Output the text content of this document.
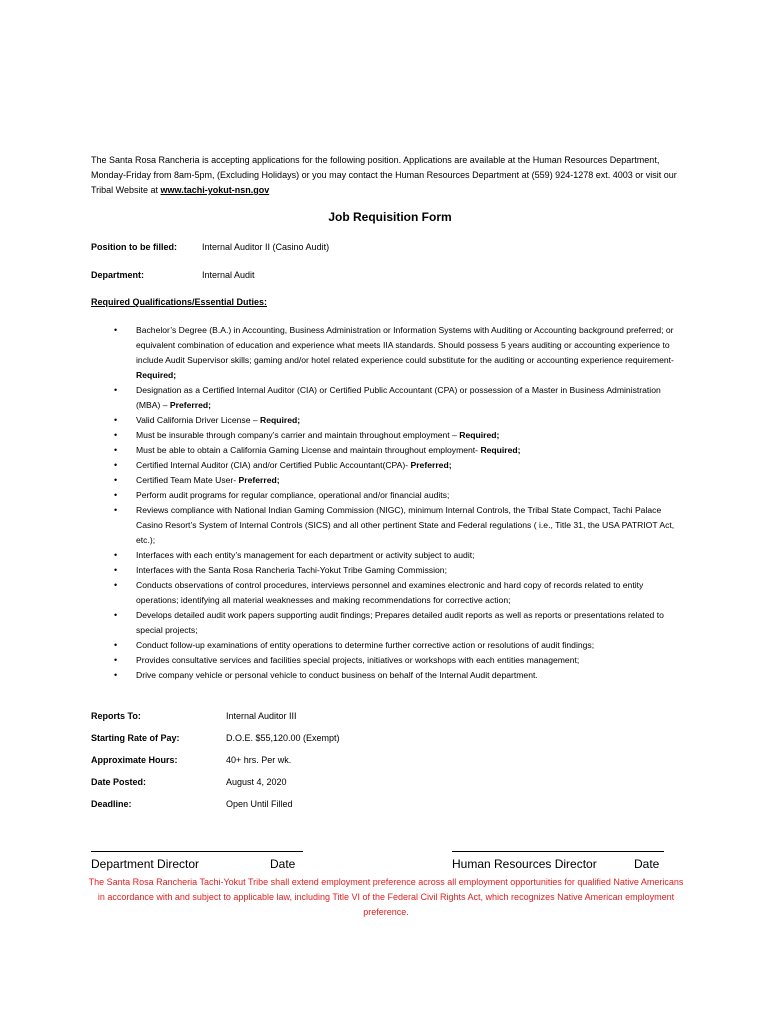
The Santa Rosa Rancheria is accepting applications for the following position. Applications are available at the Human Resources Department, Monday-Friday from 8am-5pm, (Excluding Holidays) or you may contact the Human Resources Department at (559) 924-1278 ext. 4003 or visit our Tribal Website at www.tachi-yokut-nsn.gov
Job Requisition Form
Position to be filled:	Internal Auditor II (Casino Audit)
Department:	Internal Audit
Required Qualifications/Essential Duties:
• Bachelor’s Degree (B.A.) in Accounting, Business Administration or Information Systems with Auditing or Accounting background preferred; or equivalent combination of education and experience what meets IIA standards. Should possess 5 years auditing or accounting experience to include Audit Supervisor skills; gaming and/or hotel related experience could substitute for the auditing or accounting experience requirement- Required;
• Designation as a Certified Internal Auditor (CIA) or Certified Public Accountant (CPA) or possession of a Master in Business Administration (MBA) – Preferred;
• Valid California Driver License – Required;
• Must be insurable through company’s carrier and maintain throughout employment – Required;
• Must be able to obtain a California Gaming License and maintain throughout employment- Required;
• Certified Internal Auditor (CIA) and/or Certified Public Accountant(CPA)- Preferred;
• Certified Team Mate User- Preferred;
• Perform audit programs for regular compliance, operational and/or financial audits;
• Reviews compliance with National Indian Gaming Commission (NIGC), minimum Internal Controls, the Tribal State Compact, Tachi Palace Casino Resort’s System of Internal Controls (SICS) and all other pertinent State and Federal regulations ( i.e., Title 31, the USA PATRIOT Act, etc.);
• Interfaces with each entity’s management for each department or activity subject to audit;
• Interfaces with the Santa Rosa Rancheria Tachi-Yokut Tribe Gaming Commission;
• Conducts observations of control procedures, interviews personnel and examines electronic and hard copy of records related to entity operations; identifying all material weaknesses and making recommendations for corrective action;
• Develops detailed audit work papers supporting audit findings; Prepares detailed audit reports as well as reports or presentations related to special projects;
• Conduct follow-up examinations of entity operations to determine further corrective action or resolutions of audit findings;
• Provides consultative services and facilities special projects, initiatives or workshops with each entities management;
• Drive company vehicle or personal vehicle to conduct business on behalf of the Internal Audit department.
Reports To:	Internal Auditor III
Starting Rate of Pay:	D.O.E. $55,120.00 (Exempt)
Approximate Hours:	40+ hrs. Per wk.
Date Posted:	August 4, 2020
Deadline:	Open Until Filled
Department Director	Date	Human Resources Director	Date
The Santa Rosa Rancheria Tachi-Yokut Tribe shall extend employment preference across all employment opportunities for qualified Native Americans in accordance with and subject to applicable law, including Title VI of the Federal Civil Rights Act, which recognizes Native American employment preference.
